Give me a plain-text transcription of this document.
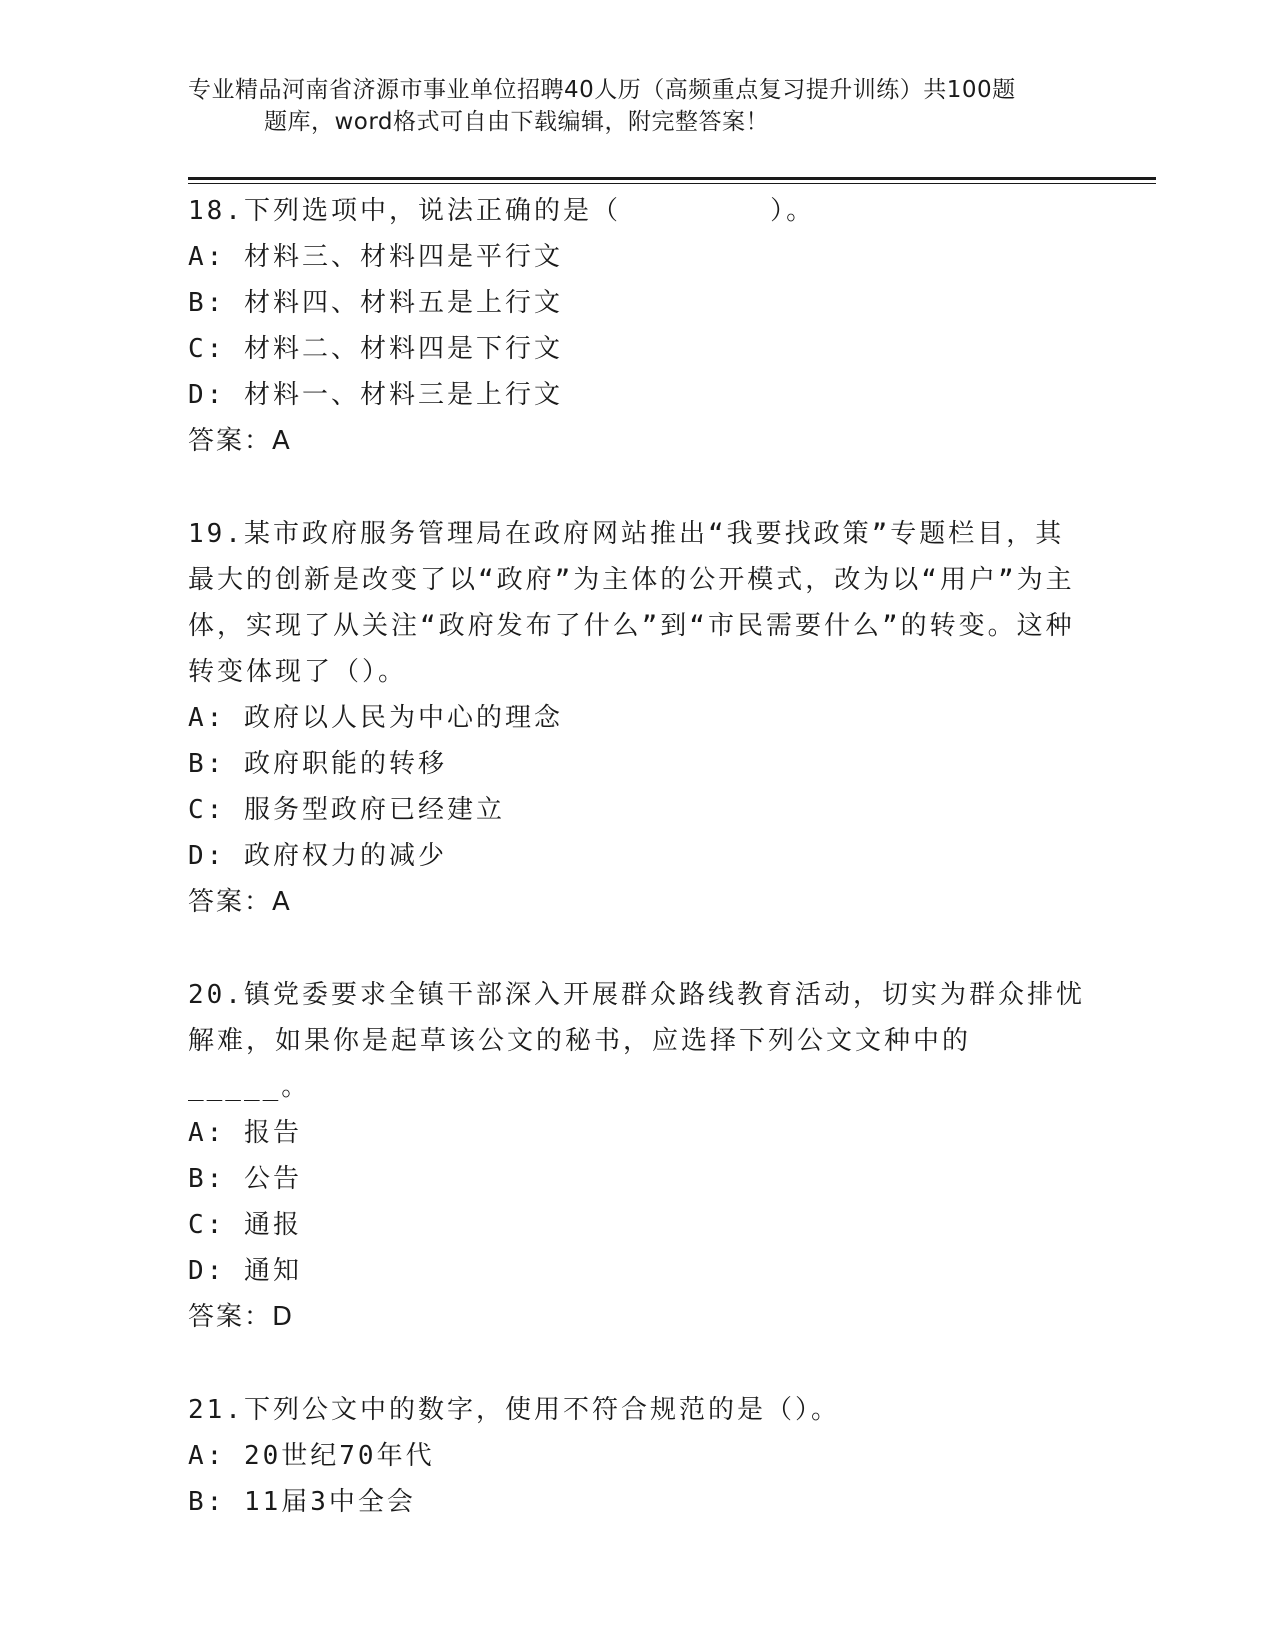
专业精品河南省济源市事业单位招聘40人历（高频重点复习提升训练）共100题
题库，word格式可自由下载编辑，附完整答案！
18.下列选项中，说法正确的是（        ）。
A: 材料三、材料四是平行文
B: 材料四、材料五是上行文
C: 材料二、材料四是下行文
D: 材料一、材料三是上行文
答案：A
19.某市政府服务管理局在政府网站推出“我要找政策”专题栏目，其最大的创新是改变了以“政府”为主体的公开模式，改为以“用户”为主体，实现了从关注“政府发布了什么”到“市民需要什么”的转变。这种转变体现了（）。
A: 政府以人民为中心的理念
B: 政府职能的转移
C: 服务型政府已经建立
D: 政府权力的减少
答案：A
20.镇党委要求全镇干部深入开展群众路线教育活动，切实为群众排忧解难，如果你是起草该公文的秘书，应选择下列公文文种中的_____。
A: 报告
B: 公告
C: 通报
D: 通知
答案：D
21.下列公文中的数字，使用不符合规范的是（）。
A: 20世纪70年代
B: 11届3中全会
